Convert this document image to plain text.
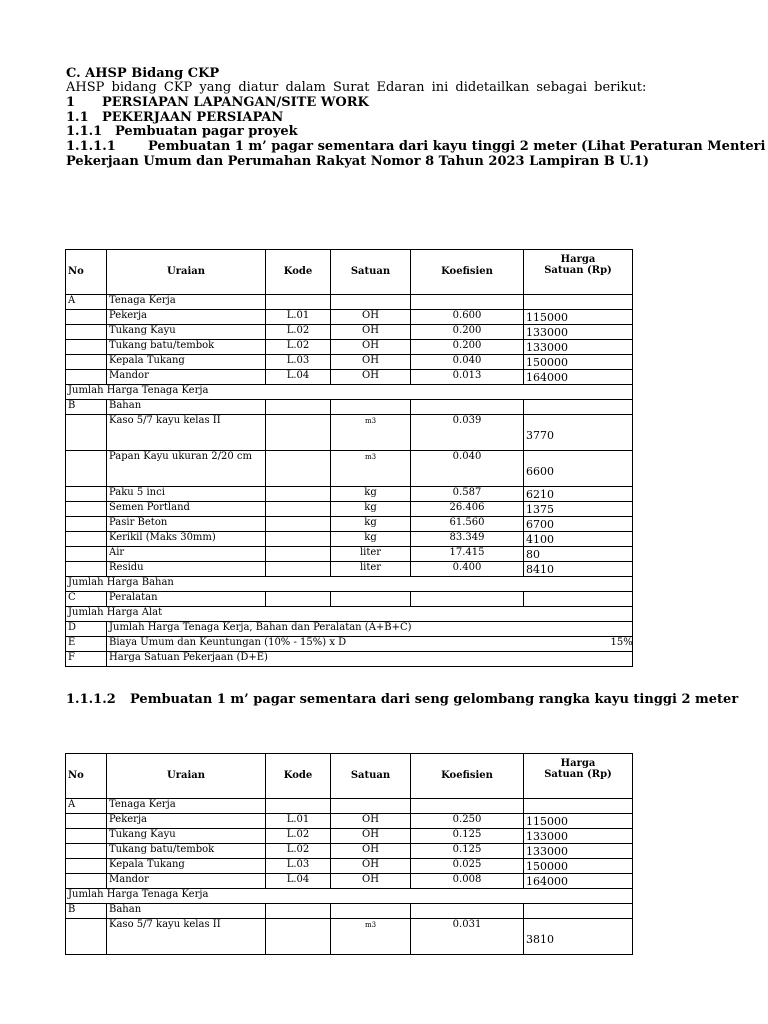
C. AHSP Bidang CKP
AHSP bidang CKP yang diatur dalam Surat Edaran ini didetailkan sebagai berikut:
1 PERSIAPAN LAPANGAN/SITE WORK
1.1 PEKERJAAN PERSIAPAN
1.1.1 Pembuatan pagar proyek
1.1.1.1 Pembuatan 1 m’ pagar sementara dari kayu tinggi 2 meter (Lihat Peraturan Menteri
Pekerjaan Umum dan Perumahan Rakyat Nomor 8 Tahun 2023 Lampiran B U.1)
No	Uraian	Kode	Satuan	Koefisien	Harga
Satuan (Rp)
A	Tenaga Kerja				
	Pekerja	L.01	OH	0.600	115000
	Tukang Kayu	L.02	OH	0.200	133000
	Tukang batu/tembok	L.02	OH	0.200	133000
	Kepala Tukang	L.03	OH	0.040	150000
	Mandor	L.04	OH	0.013	164000
Jumlah Harga Tenaga Kerja					
B	Bahan				
	Kaso 5/7 kayu kelas II		m3	0.039	3770
	Papan Kayu ukuran 2/20 cm		m3	0.040	6600
	Paku 5 inci		kg	0.587	6210
	Semen Portland		kg	26.406	1375
	Pasir Beton		kg	61.560	6700
	Kerikil (Maks 30mm)		kg	83.349	4100
	Air		liter	17.415	80
	Residu		liter	0.400	8410
Jumlah Harga Bahan					
C	Peralatan				
Jumlah Harga Alat					
D	Jumlah Harga Tenaga Kerja, Bahan dan Peralatan (A+B+C)				
E	Biaya Umum dan Keuntungan (10% - 15%) x D 15%				

F	Harga Satuan Pekerjaan (D+E)				
1.1.1.2 Pembuatan 1 m’ pagar sementara dari seng gelombang rangka kayu tinggi 2 meter
No	Uraian	Kode	Satuan	Koefisien	Harga
Satuan (Rp)
A	Tenaga Kerja				
	Pekerja	L.01	OH	0.250	115000
	Tukang Kayu	L.02	OH	0.125	133000
	Tukang batu/tembok	L.02	OH	0.125	133000
	Kepala Tukang	L.03	OH	0.025	150000
	Mandor	L.04	OH	0.008	164000
Jumlah Harga Tenaga Kerja					
B	Bahan				
	Kaso 5/7 kayu kelas II		m3	0.031	3810
